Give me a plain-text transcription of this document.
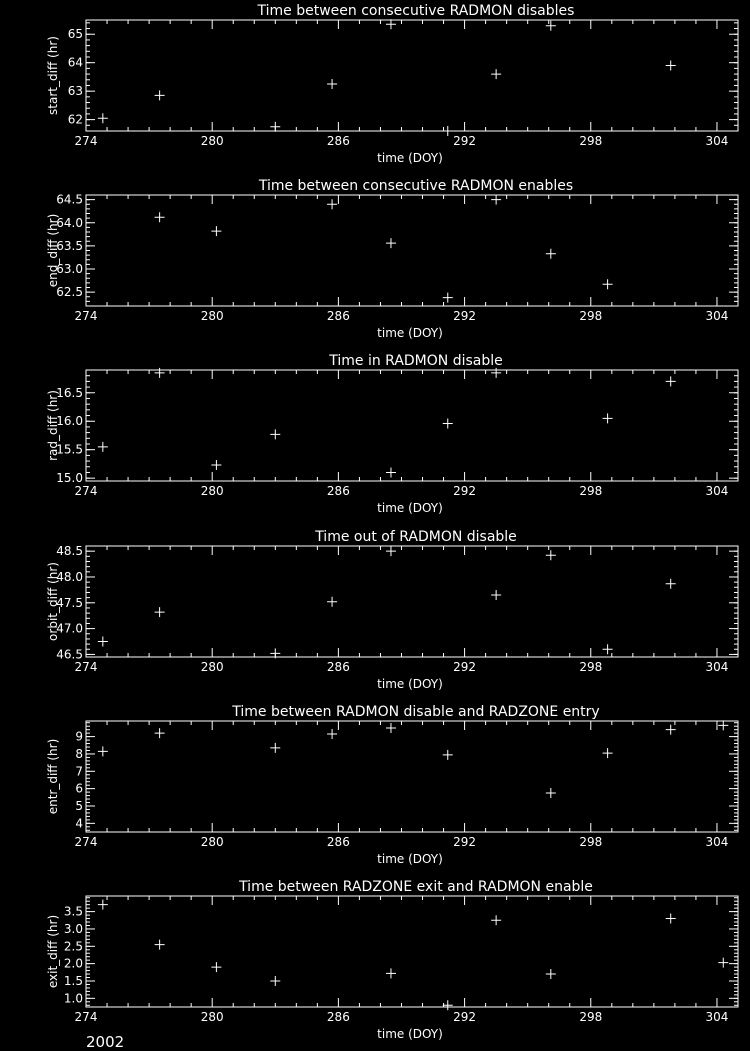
274	280	286	292	298	304
62
63
64
65
Time between consecutive RADMON disables
time (DOY)
start_diff (hr)
274	280	286	292	298	304
62.5
63.0
63.5
64.0
64.5
Time between consecutive RADMON enables
time (DOY)
end_diff (hr)
274	280	286	292	298	304
15.0
15.5
16.0
16.5
Time in RADMON disable
time (DOY)
rad_diff (hr)
274	280	286	292	298	304
46.5
47.0
47.5
48.0
48.5
Time out of RADMON disable
time (DOY)
orbit_diff (hr)
274	280	286	292	298	304
4
5
6
7
8
9
Time between RADMON disable and RADZONE entry
time (DOY)
entr_diff (hr)
274	280	286	292	298	304
1.0
1.5
2.0
2.5
3.0
3.5
Time between RADZONE exit and RADMON enable
time (DOY)
exit_diff (hr)
2002
